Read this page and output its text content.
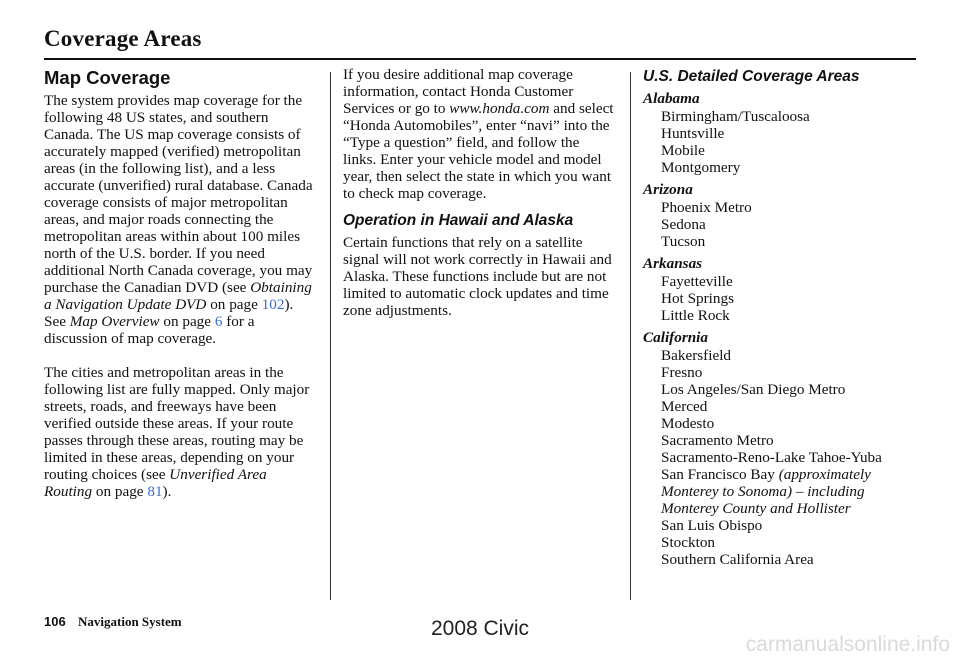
Coverage Areas
Map Coverage

The system provides map coverage for the following 48 US states, and southern Canada. The US map coverage consists of accurately mapped (verified) metropolitan areas (in the following list), and a less accurate (unverified) rural database. Canada coverage consists of major metropolitan areas, and major roads connecting the metropolitan areas within about 100 miles north of the U.S. border. If you need additional North Canada coverage, you may purchase the Canadian DVD (see Obtaining a Navigation Update DVD on page 102). See Map Overview on page 6 for a discussion of map coverage.

The cities and metropolitan areas in the following list are fully mapped. Only major streets, roads, and freeways have been verified outside these areas. If your route passes through these areas, routing may be limited in these areas, depending on your routing choices (see Unverified Area Routing on page 81).

If you desire additional map coverage information, contact Honda Customer Services or go to www.honda.com and select “Honda Automobiles”, enter “navi” into the “Type a question” field, and follow the links. Enter your vehicle model and model year, then select the state in which you want to check map coverage.

Operation in Hawaii and Alaska

Certain functions that rely on a satellite signal will not work correctly in Hawaii and Alaska. These functions include but are not limited to automatic clock updates and time zone adjustments.

U.S. Detailed Coverage Areas
Alabama
Birmingham/Tuscaloosa
Huntsville
Mobile
Montgomery
Arizona
Phoenix Metro
Sedona
Tucson
Arkansas
Fayetteville
Hot Springs
Little Rock
California
Bakersfield
Fresno
Los Angeles/San Diego Metro
Merced
Modesto
Sacramento Metro
Sacramento-Reno-Lake Tahoe-Yuba
San Francisco Bay (approximately Monterey to Sonoma) – including Monterey County and Hollister
San Luis Obispo
Stockton
Southern California Area
106 Navigation System	2008 Civic
carmanualsonline.info
